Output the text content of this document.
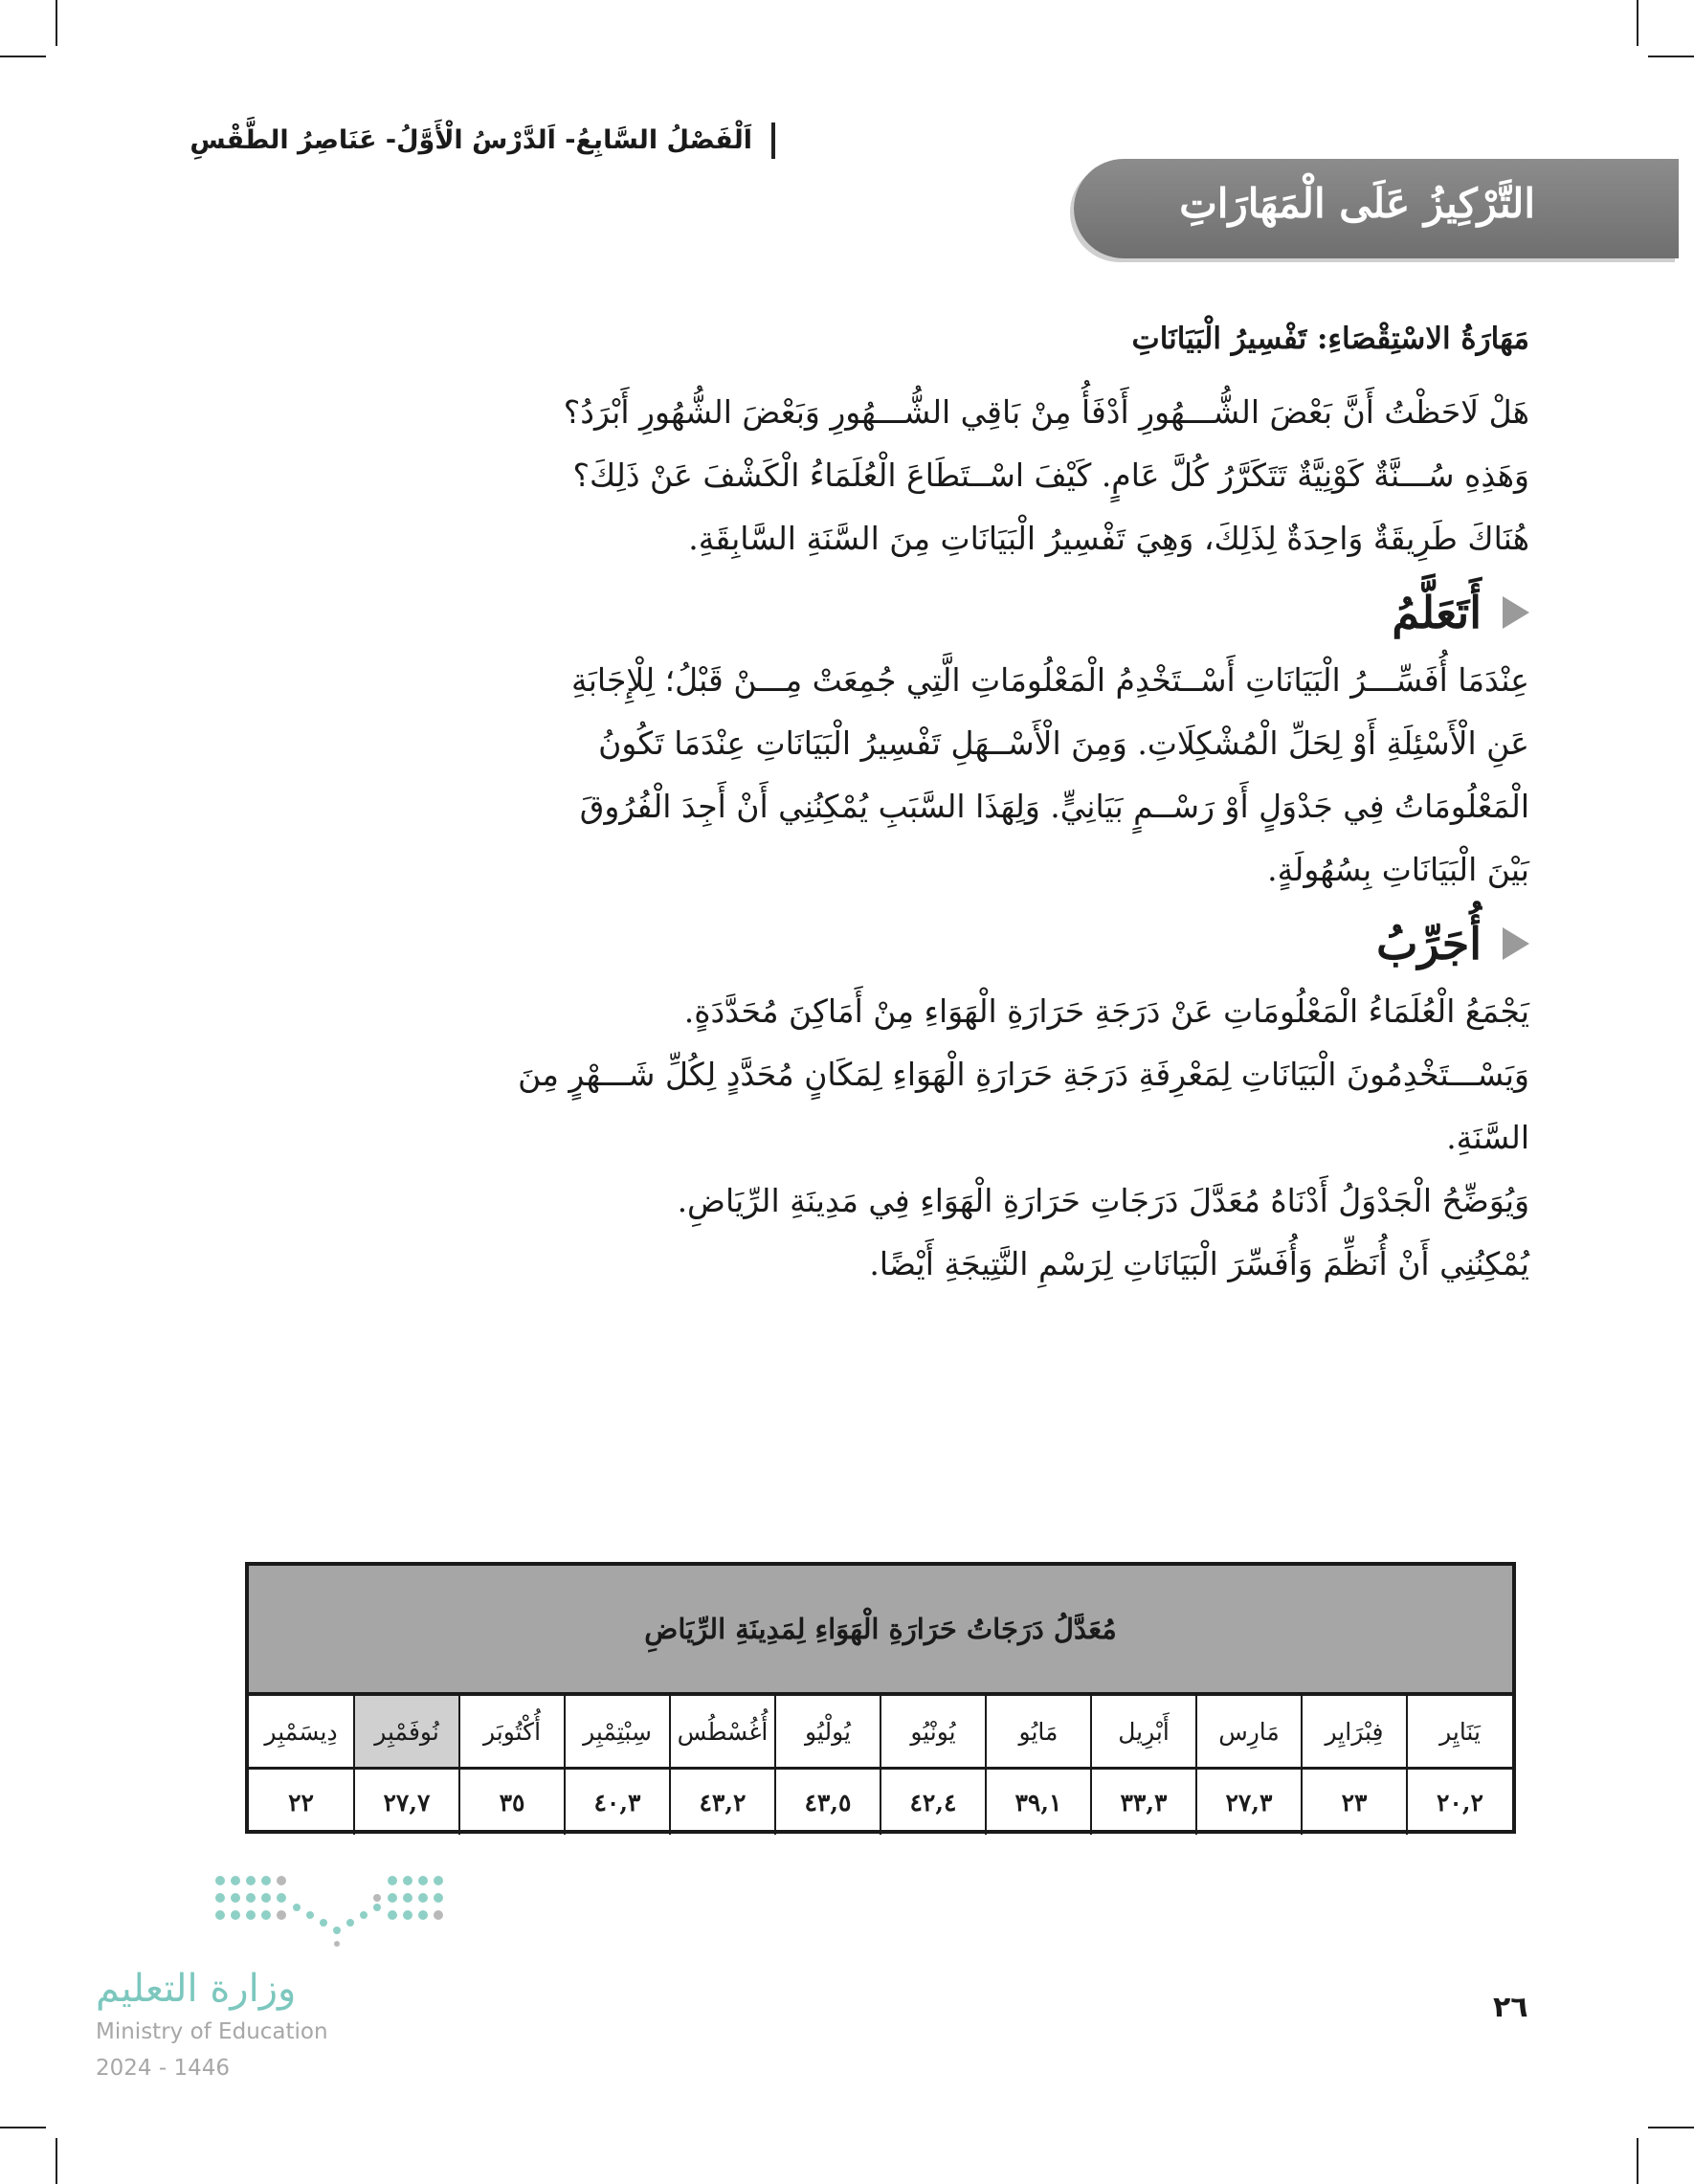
اَلْفَصْلُ السَّابِعُ- اَلدَّرْسُ الْأَوَّلُ- عَنَاصِرُ الطَّقْسِ
التَّرْكِيزُ عَلَى الْمَهَارَاتِ
مَهَارَةُ الاسْتِقْصَاءِ: تَفْسِيرُ الْبَيَانَاتِ

هَلْ لَاحَظْتُ أَنَّ بَعْضَ الشُّـــهُورِ أَدْفَأُ مِنْ بَاقِي الشُّـــهُورِ وَبَعْضَ الشُّهُورِ أَبْرَدُ؟

وَهَذِهِ سُـــنَّةٌ كَوْنِيَّةٌ تَتَكَرَّرُ كُلَّ عَامٍ. كَيْفَ اسْــتَطَاعَ الْعُلَمَاءُ الْكَشْفَ عَنْ ذَلِكَ؟

هُنَاكَ طَرِيقَةٌ وَاحِدَةٌ لِذَلِكَ، وَهِيَ تَفْسِيرُ الْبَيَانَاتِ مِنَ السَّنَةِ السَّابِقَةِ.

أَتَعَلَّمُ

عِنْدَمَا أُفَسِّـــرُ الْبَيَانَاتِ أَسْــتَخْدِمُ الْمَعْلُومَاتِ الَّتِي جُمِعَتْ مِـــنْ قَبْلُ؛ لِلْإِجَابَةِ

عَنِ الْأَسْئِلَةِ أَوْ لِحَلِّ الْمُشْكِلَاتِ. وَمِنَ الْأَسْــهَلِ تَفْسِيرُ الْبَيَانَاتِ عِنْدَمَا تَكُونُ

الْمَعْلُومَاتُ فِي جَدْوَلٍ أَوْ رَسْــمٍ بَيَانِيٍّ. وَلِهَذَا السَّبَبِ يُمْكِنُنِي أَنْ أَجِدَ الْفُرُوقَ

بَيْنَ الْبَيَانَاتِ بِسُهُولَةٍ.

أُجَرِّبُ

يَجْمَعُ الْعُلَمَاءُ الْمَعْلُومَاتِ عَنْ دَرَجَةِ حَرَارَةِ الْهَوَاءِ مِنْ أَمَاكِنَ مُحَدَّدَةٍ.

وَيَسْـــتَخْدِمُونَ الْبَيَانَاتِ لِمَعْرِفَةِ دَرَجَةِ حَرَارَةِ الْهَوَاءِ لِمَكَانٍ مُحَدَّدٍ لِكُلِّ شَـــهْرٍ مِنَ

السَّنَةِ.

وَيُوَضِّحُ الْجَدْوَلُ أَدْنَاهُ مُعَدَّلَ دَرَجَاتِ حَرَارَةِ الْهَوَاءِ فِي مَدِينَةِ الرِّيَاضِ.

يُمْكِنُنِي أَنْ أُنَظِّمَ وَأُفَسِّرَ الْبَيَانَاتِ لِرَسْمِ النَّتِيجَةِ أَيْضًا.

مُعَدَّلُ دَرَجَاتُ حَرَارَةِ الْهَوَاءِ لِمَدِينَةِ الرِّيَاضِ
يَنَايِر	فِبْرَايِر	مَارِس	أَبْرِيل	مَايُو	يُونْيُو	يُولْيُو	أُغُسْطُس	سِبْتِمْبِر	أُكْتُوبَر	نُوفَمْبِر	دِيسَمْبِر
٢٠,٢	٢٣	٢٧,٣	٣٣,٣	٣٩,١	٤٢,٤	٤٣,٥	٤٣,٢	٤٠,٣	٣٥	٢٧,٧	٢٢
وزارة التعليم
Ministry of Education
2024 - 1446
٢٦
